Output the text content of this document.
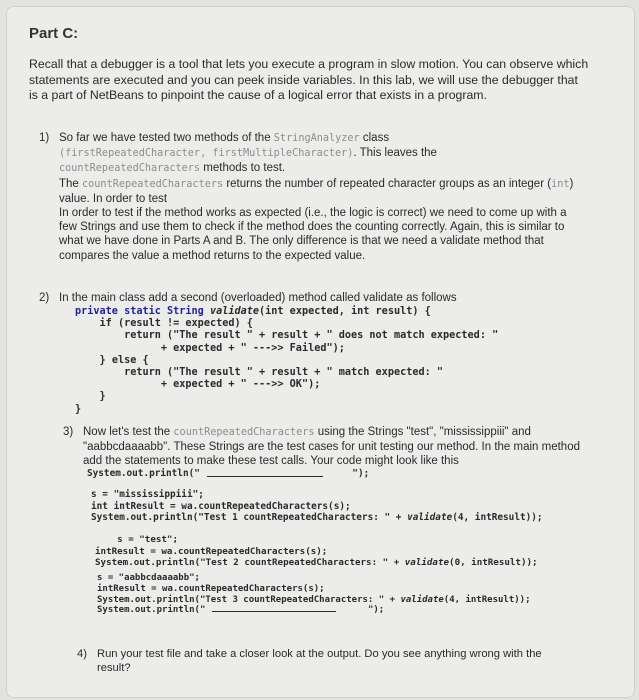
Part C:
Recall that a debugger is a tool that lets you execute a program in slow motion. You can observe which statements are executed and you can peek inside variables. In this lab, we will use the debugger that is a part of NetBeans to pinpoint the cause of a logical error that exists in a program.
1) So far we have tested two methods of the StringAnalyzer class
(firstRepeatedCharacter, firstMultipleCharacter). This leaves the
countRepeatedCharacters methods to test.
The countRepeatedCharacters returns the number of repeated character groups as an integer (int) value. In order to test
In order to test if the method works as expected (i.e., the logic is correct) we need to come up with a few Strings and use them to check if the method does the counting correctly. Again, this is similar to what we have done in Parts A and B. The only difference is that we need a validate method that compares the value a method returns to the expected value.
2) In the main class add a second (overloaded) method called validate as follows
private static String validate(int expected, int result) {
if (result != expected) {
return ("The result " + result + " does not match expected: "
+ expected + " --->> Failed");
} else {
return ("The result " + result + " match expected: "
+ expected + " --->> OK");
}
}
3) Now let's test the countRepeatedCharacters using the Strings "test", "mississippiii" and "aabbcdaaaabb". These Strings are the test cases for unit testing our method. In the main method add the statements to make these test calls. Your code might look like this
System.out.println("	");
s = "mississippiii";
int intResult = wa.countRepeatedCharacters(s);
System.out.println("Test 1 countRepeatedCharacters: " + validate(4, intResult));
s = "test";
intResult = wa.countRepeatedCharacters(s);
System.out.println("Test 2 countRepeatedCharacters: " + validate(0, intResult));
s = "aabbcdaaaabb";
intResult = wa.countRepeatedCharacters(s);
System.out.println("Test 3 countRepeatedCharacters: " + validate(4, intResult));
System.out.println("	");
4) Run your test file and take a closer look at the output. Do you see anything wrong with the result?
